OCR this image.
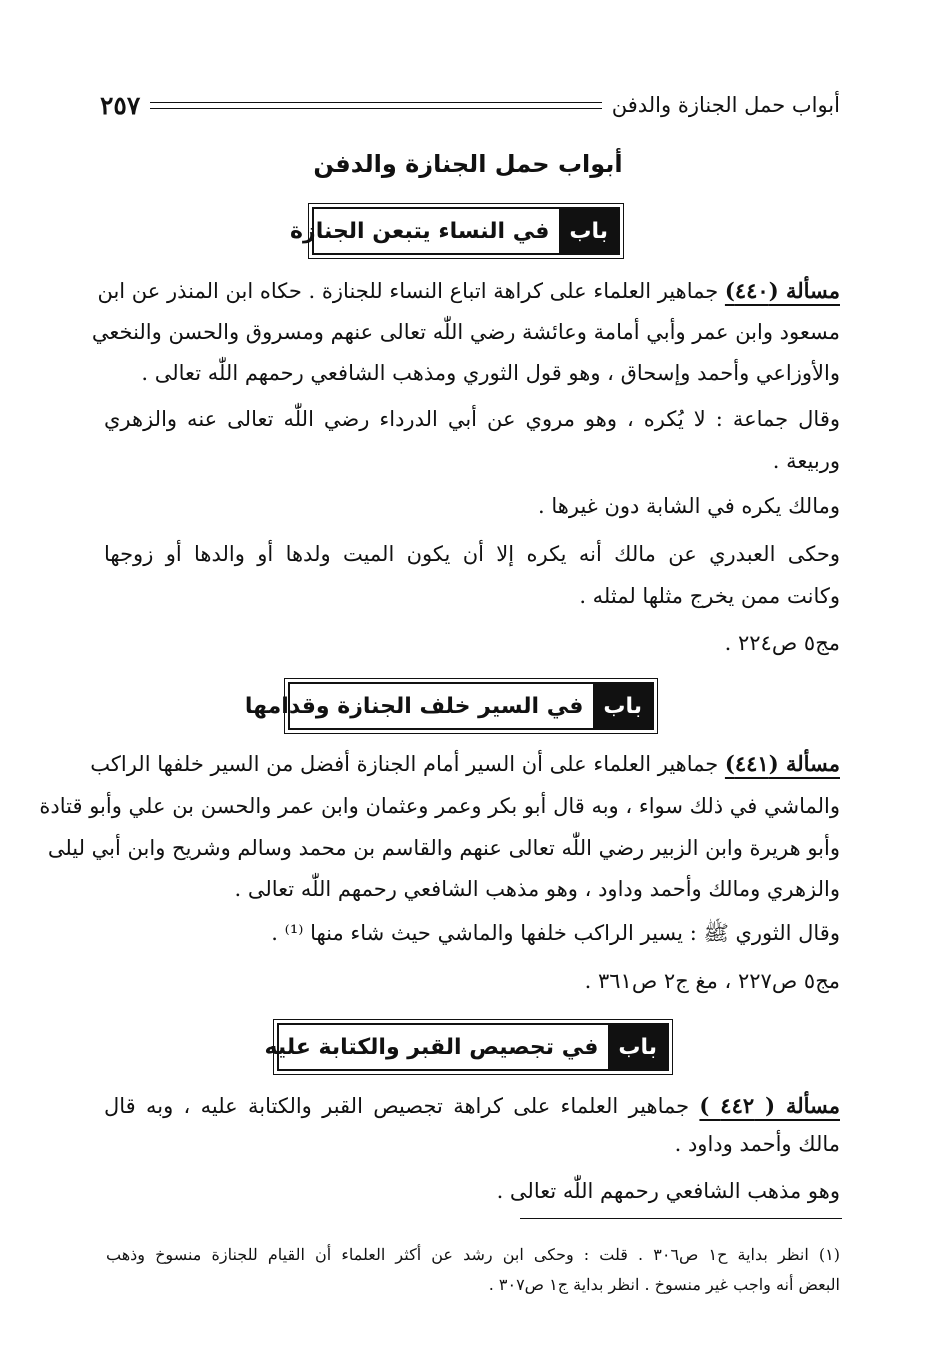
أبواب حمل الجنازة والدفن
٢٥٧
أبواب حمل الجنازة والدفن
باب
في النساء يتبعن الجنازة
مسألة (٤٤٠) جماهير العلماء على كراهة اتباع النساء للجنازة . حكاه ابن المنذر عن ابن
مسعود وابن عمر وأبي أمامة وعائشة رضي اللّٰه تعالى عنهم ومسروق والحسن والنخعي
والأوزاعي وأحمد وإسحاق ، وهو قول الثوري ومذهب الشافعي رحمهم اللّٰه تعالى .
وقال جماعة : لا يُكره ، وهو مروي عن أبي الدرداء رضي اللّٰه تعالى عنه والزهري
وربيعة .
ومالك يكره في الشابة دون غيرها .
وحكى العبدري عن مالك أنه يكره إلا أن يكون الميت ولدها أو والدها أو زوجها
وكانت ممن يخرج مثلها لمثله .
مج٥ ص٢٢٤ .
باب
في السير خلف الجنازة وقدامها
مسألة (٤٤١) جماهير العلماء على أن السير أمام الجنازة أفضل من السير خلفها الراكب
والماشي في ذلك سواء ، وبه قال أبو بكر وعمر وعثمان وابن عمر والحسن بن علي وأبو قتادة
وأبو هريرة وابن الزبير رضي اللّٰه تعالى عنهم والقاسم بن محمد وسالم وشريح وابن أبي ليلى
والزهري ومالك وأحمد وداود ، وهو مذهب الشافعي رحمهم اللّٰه تعالى .
وقال الثوري ﷺ : يسير الراكب خلفها والماشي حيث شاء منها ⁽¹⁾ .
مج٥ ص٢٢٧ ، مغ ج٢ ص٣٦١ .
باب
في تجصيص القبر والكتابة عليه
مسألة ( ٤٤٢ ) جماهير العلماء على كراهة تجصيص القبر والكتابة عليه ، وبه قال
مالك وأحمد وداود .
وهو مذهب الشافعي رحمهم اللّٰه تعالى .
(١) انظر بداية ح١ ص٣٠٦ . قلت : وحكى ابن رشد عن أكثر العلماء أن القيام للجنازة منسوخ وذهب
البعض أنه واجب غير منسوخ . انظر بداية ج١ ص٣٠٧ .
